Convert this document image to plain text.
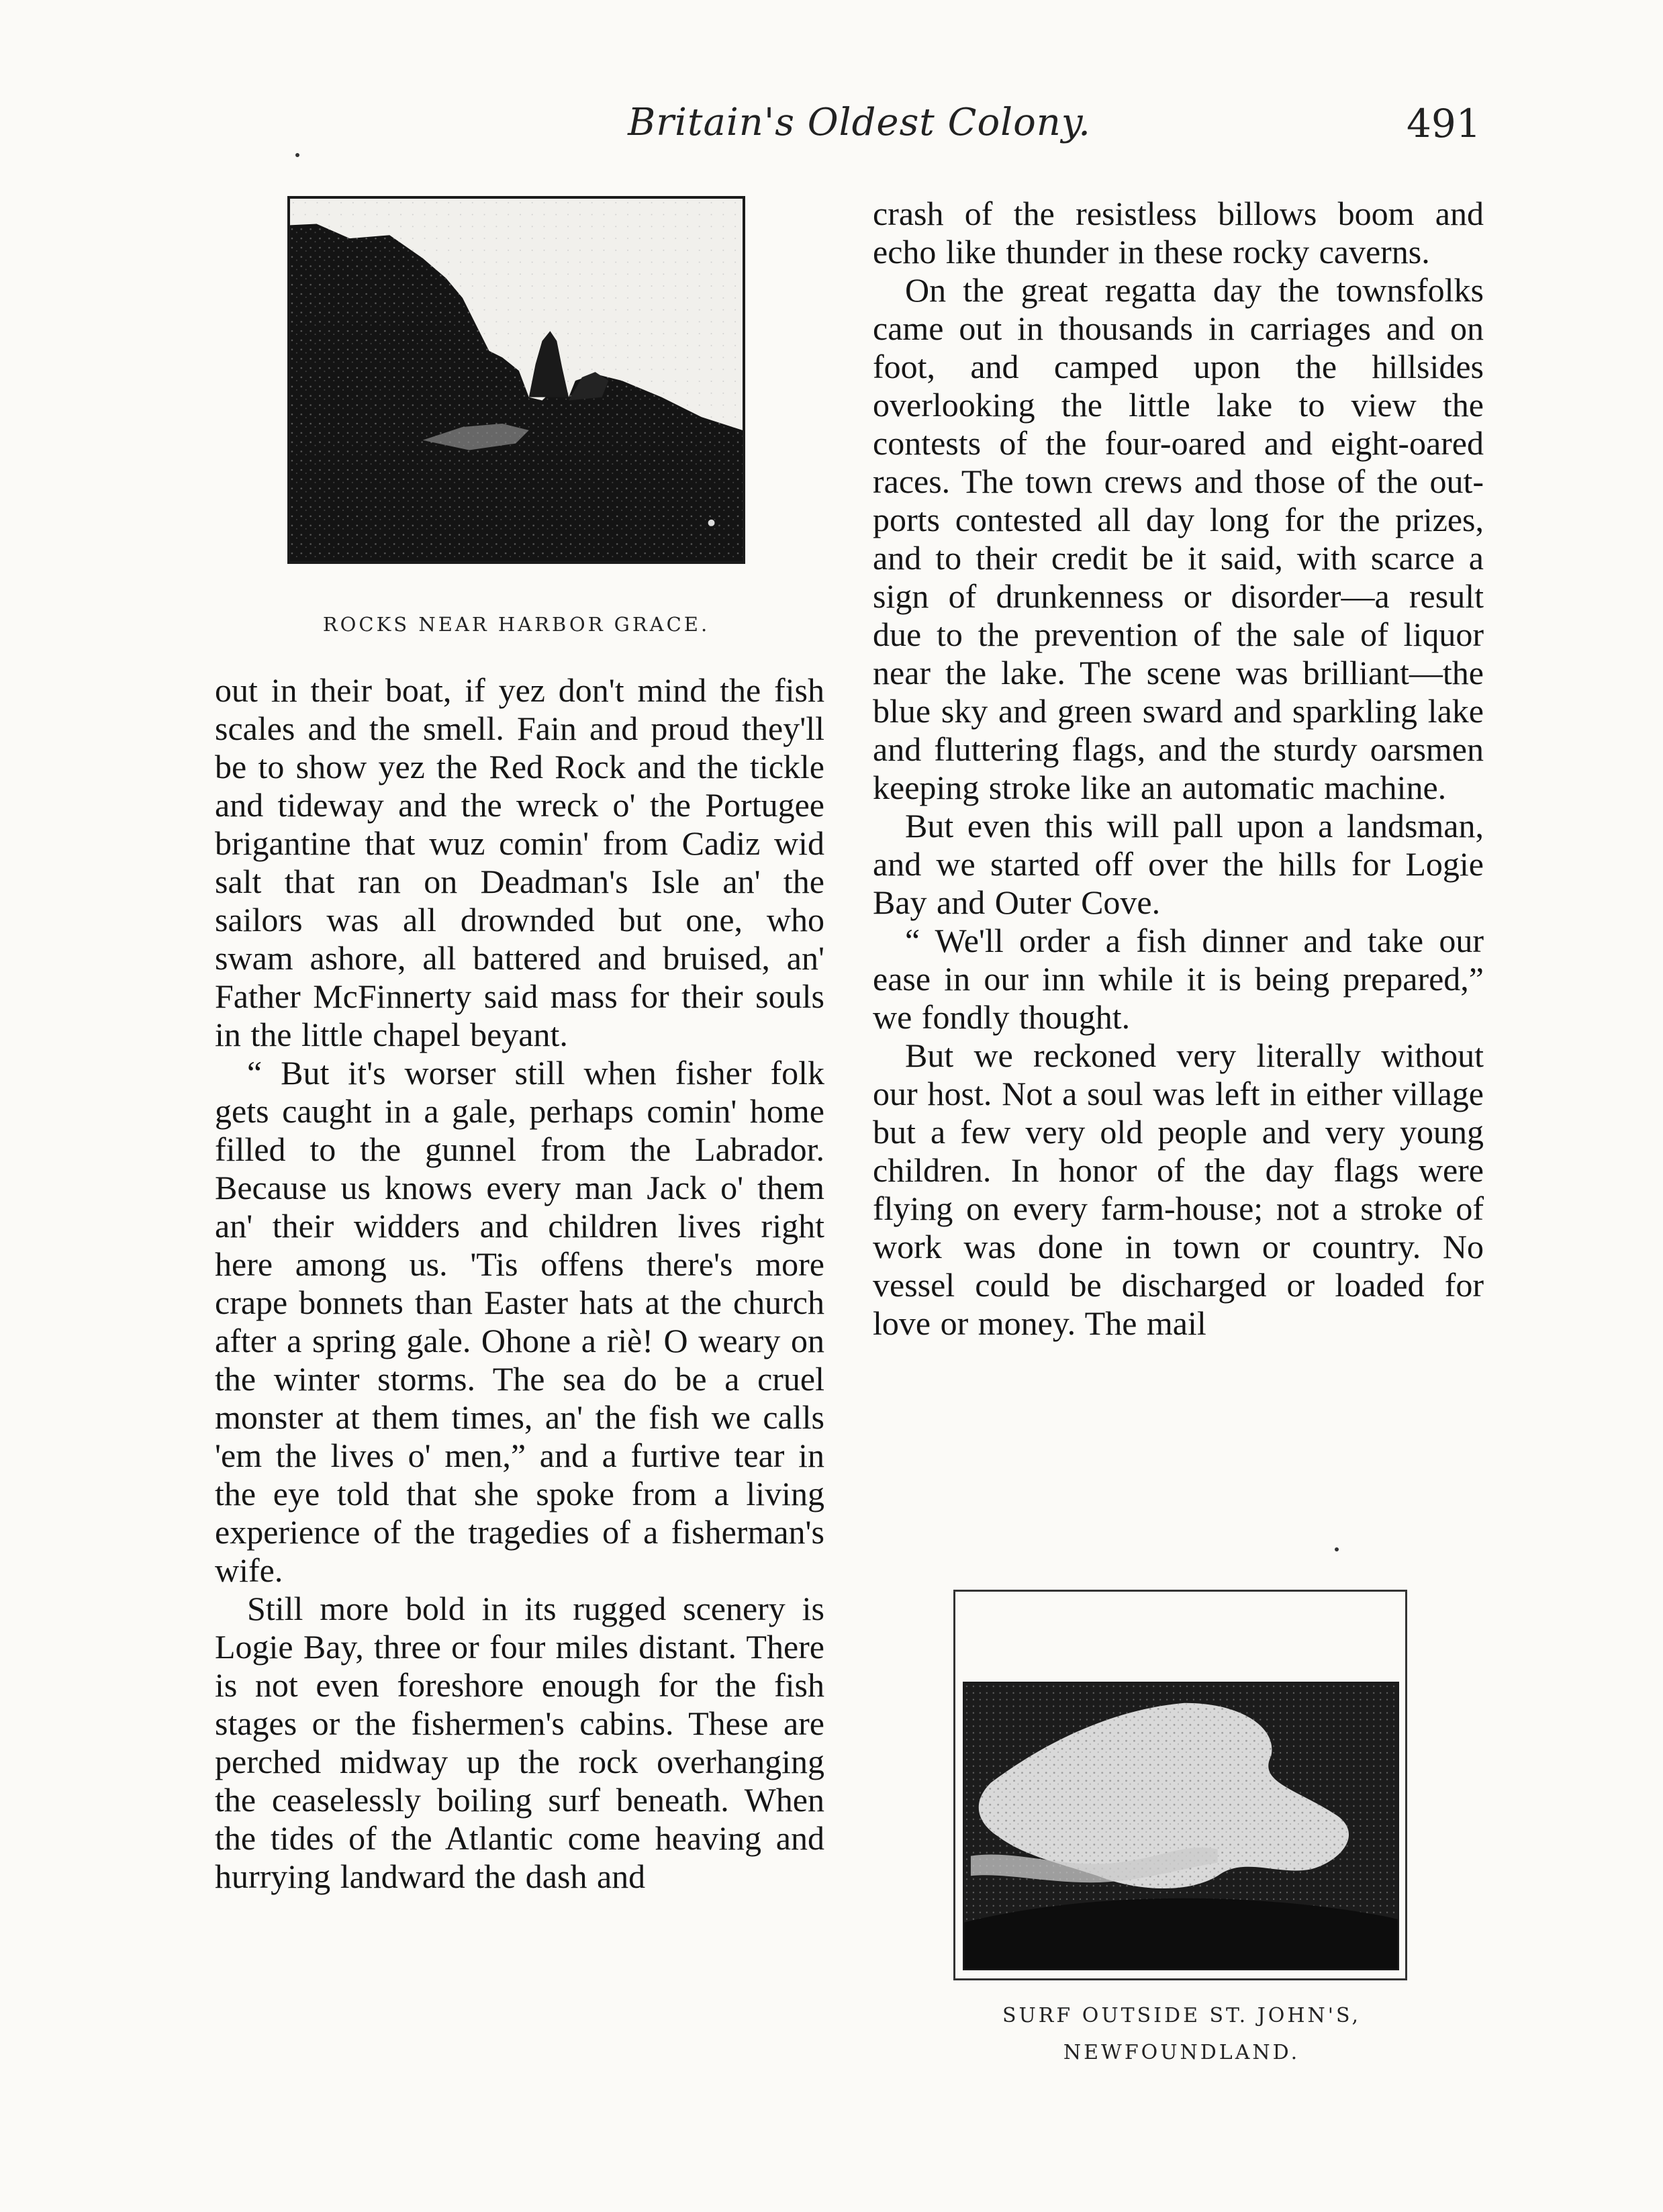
Britain's Oldest Colony.	491
ROCKS NEAR HARBOR GRACE.

out in their boat, if yez don't mind the fish scales and the smell. Fain and proud they'll be to show yez the Red Rock and the tickle and tideway and the wreck o' the Portugee brigantine that wuz comin' from Cadiz wid salt that ran on Deadman's Isle an' the sailors was all drownded but one, who swam ashore, all battered and bruised, an' Father McFinnerty said mass for their souls in the little chapel beyant.

“ But it's worser still when fisher folk gets caught in a gale, perhaps comin' home filled to the gunnel from the Labrador. Because us knows every man Jack o' them an' their widders and children lives right here among us. 'Tis offens there's more crape bonnets than Easter hats at the church after a spring gale. Ohone a riè! O weary on the winter storms. The sea do be a cruel monster at them times, an' the fish we calls 'em the lives o' men,” and a furtive tear in the eye told that she spoke from a living experience of the tragedies of a fisherman's wife.

Still more bold in its rugged scenery is Logie Bay, three or four miles distant. There is not even foreshore enough for the fish stages or the fishermen's cabins. These are perched midway up the rock overhanging the ceaselessly boiling surf beneath. When the tides of the Atlantic come heaving and hurrying landward the dash and

crash of the resistless billows boom and echo like thunder in these rocky caverns.

On the great regatta day the townsfolks came out in thousands in carriages and on foot, and camped upon the hillsides overlooking the little lake to view the contests of the four-oared and eight-oared races. The town crews and those of the out-ports contested all day long for the prizes, and to their credit be it said, with scarce a sign of drunkenness or disorder—a result due to the prevention of the sale of liquor near the lake. The scene was brilliant—the blue sky and green sward and sparkling lake and fluttering flags, and the sturdy oarsmen keeping stroke like an automatic machine.

But even this will pall upon a landsman, and we started off over the hills for Logie Bay and Outer Cove.

“ We'll order a fish dinner and take our ease in our inn while it is being prepared,” we fondly thought.

But we reckoned very literally without our host. Not a soul was left in either village but a few very old people and very young children. In honor of the day flags were flying on every farm-house; not a stroke of work was done in town or country. No vessel could be discharged or loaded for love or money. The mail

SURF OUTSIDE ST. JOHN'S,
NEWFOUNDLAND.
